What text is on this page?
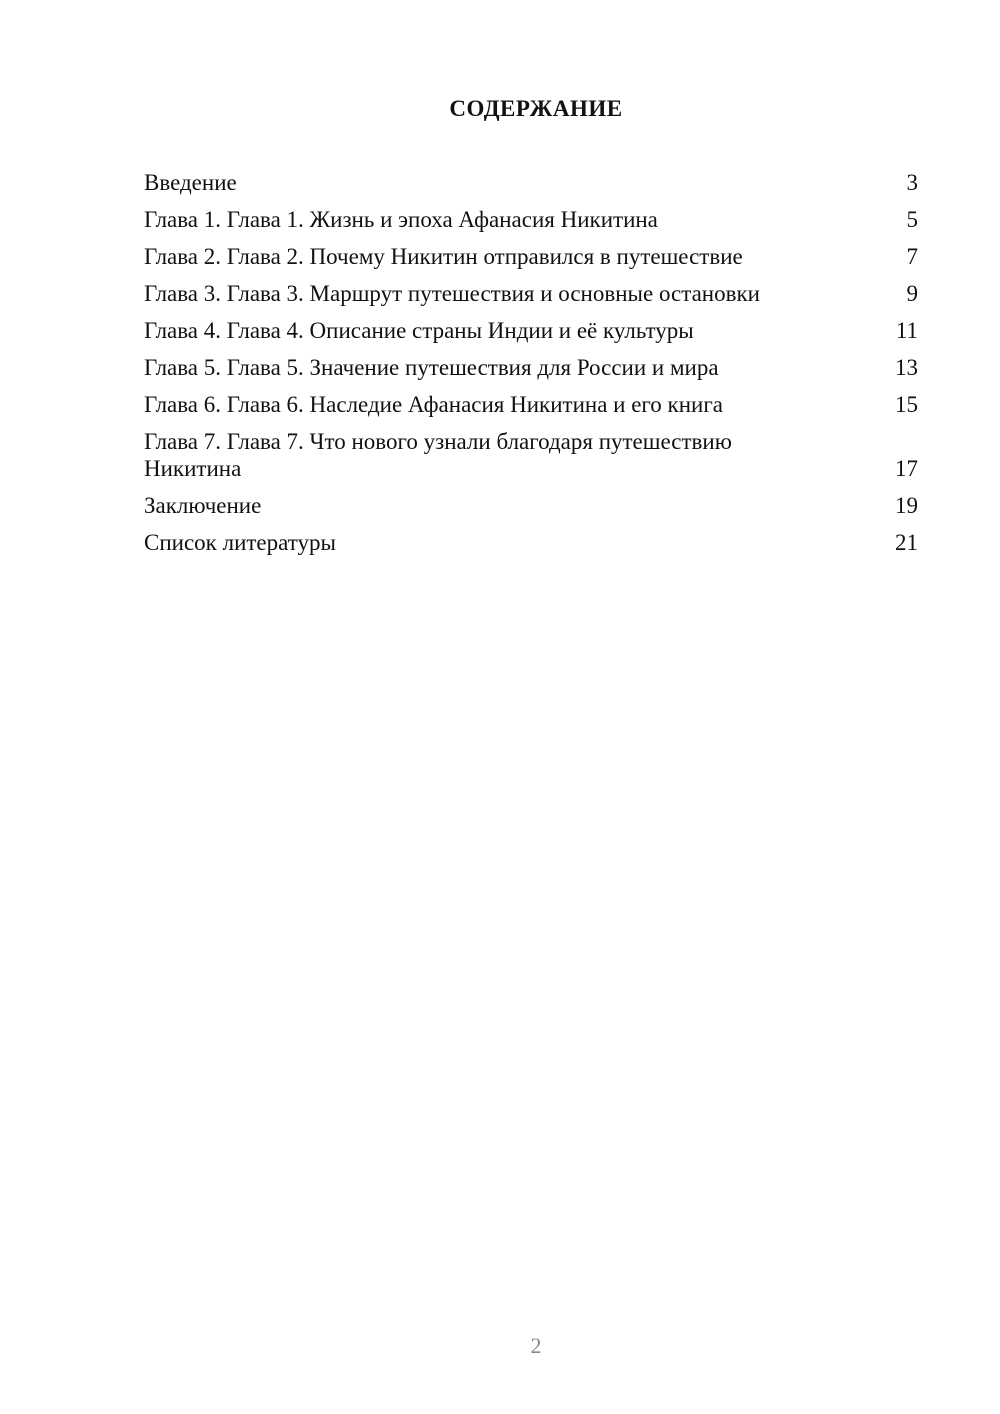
СОДЕРЖАНИЕ
Введение	3
Глава 1. Глава 1. Жизнь и эпоха Афанасия Никитина	5
Глава 2. Глава 2. Почему Никитин отправился в путешествие	7
Глава 3. Глава 3. Маршрут путешествия и основные остановки	9
Глава 4. Глава 4. Описание страны Индии и её культуры	11
Глава 5. Глава 5. Значение путешествия для России и мира	13
Глава 6. Глава 6. Наследие Афанасия Никитина и его книга	15
Глава 7. Глава 7. Что нового узнали благодаря путешествию Никитина	17
Заключение	19
Список литературы	21
2
